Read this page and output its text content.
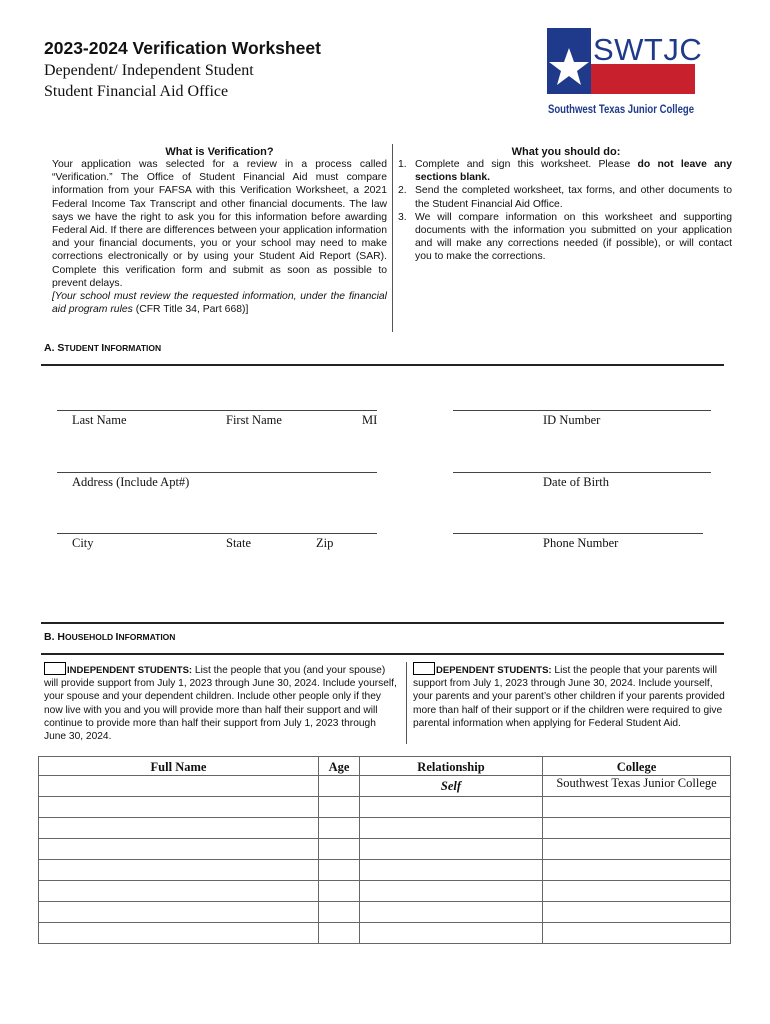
2023-2024 Verification Worksheet
Dependent/ Independent Student
Student Financial Aid Office
SWTJC
Southwest Texas Junior College
What is Verification?
Your application was selected for a review in a process called “Verification.” The Office of Student Financial Aid must compare information from your FAFSA with this Verification Worksheet, a 2021 Federal Income Tax Transcript and other financial documents. The law says we have the right to ask you for this information before awarding Federal Aid. If there are differences between your application information and your financial documents, you or your school may need to make corrections electronically or by using your Student Aid Report (SAR). Complete this verification form and submit as soon as possible to prevent delays.
[Your school must review the requested information, under the financial aid program rules (CFR Title 34, Part 668)]
What you should do:
1. Complete and sign this worksheet. Please do not leave any sections blank.
2. Send the completed worksheet, tax forms, and other documents to the Student Financial Aid Office.
3. We will compare information on this worksheet and supporting documents with the information you submitted on your application and will make any corrections needed (if possible), or will contact you to make the corrections.
A. STUDENT INFORMATION
Last Name	First Name	MI	ID Number
Address (Include Apt#)	Date of Birth
City	State	Zip	Phone Number
B. HOUSEHOLD INFORMATION
INDEPENDENT STUDENTS: List the people that you (and your spouse) will provide support from July 1, 2023 through June 30, 2024. Include yourself, your spouse and your dependent children. Include other people only if they now live with you and you will provide more than half their support and will continue to provide more than half their support from July 1, 2023 through June 30, 2024.
DEPENDENT STUDENTS: List the people that your parents will support from July 1, 2023 through June 30, 2024. Include yourself, your parents and your parent’s other children if your parents provided more than half of their support or if the children were required to give parental information when applying for Federal Student Aid.
Full Name	Age	Relationship	College
		Self	Southwest Texas Junior College
